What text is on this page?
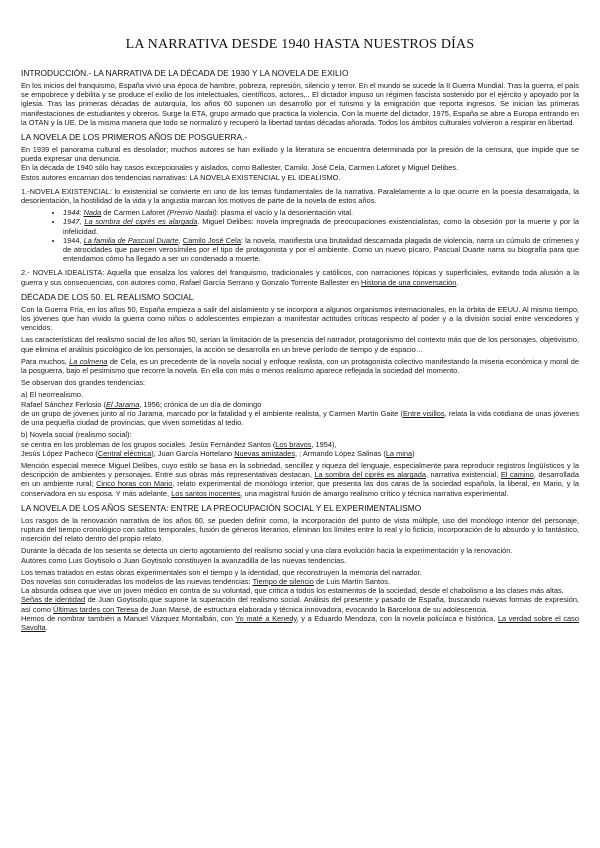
LA NARRATIVA DESDE 1940 HASTA NUESTROS DÍAS
INTRODUCCIÓN.- LA NARRATIVA DE LA DÉCADA DE 1930 Y LA NOVELA DE EXILIO

En los inicios del franquismo, España vivió una época de hambre, pobreza, represión, silencio y terror. En el mundo se sucede la II Guerra Mundial. Tras la guerra, el país se empobrece y debilita y se produce el exilio de los intelectuales, científicos, actores,.. El dictador impuso un régimen fascista sostenido por el ejército y apoyado por la iglesia. Tras las primeras décadas de autarquía, los años 60 suponen un desarrollo por el turismo y la emigración que reporta ingresos. Se inician las primeras manifestaciones de estudiantes y obreros. Surge la ETA, grupo armado que practica la violencia. Con la muerte del dictador, 1975, España se abre a Europa entrando en la OTAN y la UE. De la misma manera que todo se normalizó y recuperó la libertad tantas décadas añorada. Todos los ámbitos culturales volvieron a respirar en libertad.

LA NOVELA DE LOS PRIMEROS AÑOS DE POSGUERRA.-

En 1939 el panorama cultural es desolador; muchos autores se han exiliado y la literatura se encuentra determinada por la presión de la censura, que impide que se pueda expresar una denuncia.

En la década de 1940 sólo hay casos excepcionales y aislados, como Ballester, Camilo. José Cela, Carmen Laforet y Miguel Delibes.

Estos autores encarnan dos tendencias narrativas: LA NOVELA EXISTENCIAL y EL IDEALISMO.

1.-NOVELA EXISTENCIAL: lo existencial se convierte en uno de los temas fundamentales de la narrativa. Paralelamente a lo que ocurre en la poesía desarraigada, la desorientación, la hostilidad de la vida y la angustia marcan los motivos de parte de la novela de estos años.

• 1944: Nada de Carmen Laforet (Premio Nadal): plasma el vacío y la desorientación vital.
• 1947, La sombra del ciprés es alargada. Miguel Delibes: novela impregnada de preocupaciones existencialistas, como la obsesión por la muerte y por la infelicidad.
• 1944, La familia de Pascual Duarte, Camilo José Cela: la novela, manifiesta una brutalidad descarnada plagada de violencia, narra un cúmulo de crímenes y de atrocidades que parecen verosímiles por el tipo de protagonista y por el ambiente. Como un nuevo pícaro, Pascual Duarte narra su biografía para que entendamos cómo ha llegado a ser un condenado a muerte.

2.- NOVELA IDEALISTA: Aquella que ensalza los valores del franquismo, tradicionales y católicos, con narraciones tópicas y superficiales, evitando toda alusión a la guerra y sus consecuencias, con autores como, Rafael García Serrano y Gonzalo Torrente Ballester en Historia de una conversación.

DÉCADA DE LOS 50. EL REALISMO SOCIAL

Con la Guerra Fría, en los años 50, España empieza a salir del aislamiento y se incorpora a algunos organismos internacionales, en la órbita de EEUU. Al mismo tiempo, los jóvenes que han vivido la guerra como niños o adolescentes empiezan a manifestar actitudes críticas respecto al poder y a la división social entre vencedores y vencidos.

Las características del realismo social de los años 50, serían la limitación de la presencia del narrador, protagonismo del contexto más que de los personajes, objetivismo, que elimina el análisis psicológico de los personajes, la acción se desarrolla en un breve período de tiempo y de espacio…

Para muchos, La colmena de Cela, es un precedente de la novela social y enfoque realista, con un protagonista colectivo manifestando la miseria económica y moral de la posguerra, bajo el pesimismo que recorre la novela. En ella con más o menos realismo aparece reflejada la sociedad del momento.

Se observan dos grandes tendencias:

a) El neorrealismo.

Rafael Sánchez Ferlosio (El Jarama, 1956; crónica de un día de domingo

de un grupo de jóvenes junto al río Jarama, marcado por la fatalidad y el ambiente realista, y Carmen Martín Gaite (Entre visillos, relata la vida cotidiana de unas jóvenes de una pequeña ciudad de provincias, que viven sometidas al tedio.

b) Novela social (realismo social):

se centra en los problemas de los grupos sociales. Jesús Fernández Santos (Los bravos, 1954),

Jesús López Pacheco (Central eléctrica), Juan García Hortelano Nuevas amistades, ; Armando López Salinas (La mina)

Mención especial merece Miguel Delibes, cuyo estilo se basa en la sobriedad, sencillez y riqueza del lenguaje, especialmente para reproducir registros lingüísticos y la descripción de ambientes y personajes. Entre sus obras más representativas destacan, La sombra del ciprés es alargada, narrativa existencial, El camino, desarrollada en un ambiente rural; Cinco horas con Mario, relato experimental de monólogo interior, que presenta las dos caras de la sociedad española, la liberal, en Mario, y la conservadora en su esposa. Y más adelante, Los santos inocentes, una magistral fusión de amargo realismo crítico y técnica narrativa experimental.

LA NOVELA DE LOS AÑOS SESENTA: ENTRE LA PREOCUPACIÓN SOCIAL Y EL EXPERIMENTALISMO

Los rasgos de la renovación narrativa de los años 60, se pueden definir como, la incorporación del punto de vista múltiple, uso del monólogo interior del personaje, ruptura del tiempo cronológico con saltos temporales, fusión de géneros literarios, eliminan los límites entre lo real y lo ficticio, incorporación de lo absurdo y lo fantástico, inserción del relato dentro del propio relato.

Durante la década de los sesenta se detecta un cierto agotamiento del realismo social y una clara evolución hacia la experimentación y la renovación.

Autores como Luis Goytisolo o Juan Goytisolo constituyen la avanzadilla de las nuevas tendencias.

Los temas tratados en estas obras experimentales son el tiempo y la identidad, que reconstruyen la memoria del narrador.

Dos novelas son consideradas los modelos de las nuevas tendencias: Tiempo de silencio de Luis Martín Santos.

La absurda odisea que vive un joven médico en contra de su voluntad, que critica a todos los estamentos de la sociedad, desde el chabolismo a las clases más altas.

Señas de identidad de Juan Goytisolo,que supone la superación del realismo social. Análisis del presente y pasado de España, buscando nuevas formas de expresión, así como Últimas tardes con Teresa de Juan Marsé, de estructura elaborada y técnica innovadora, evocando la Barcelona de su adolescencia.

Hemos de nombrar también a Manuel Vázquez Montalbán, con Yo maté a Kenedy, y a Eduardo Mendoza, con la novela policíaca e histórica, La verdad sobre el caso Savolta.
